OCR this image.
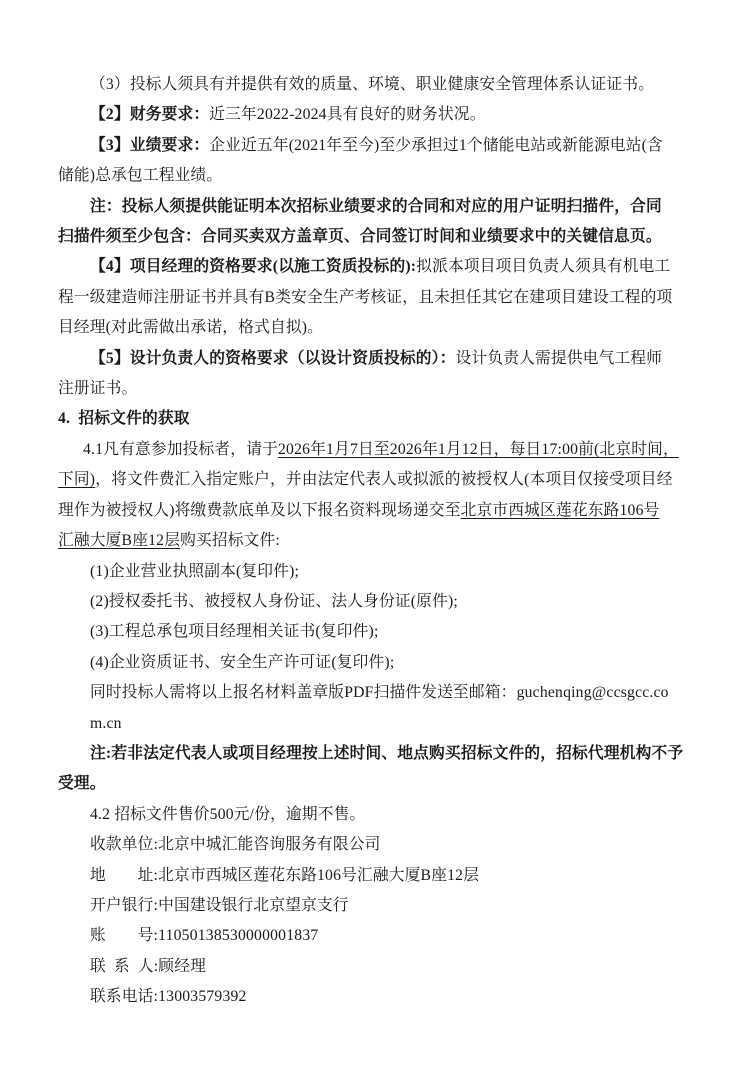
（3）投标人须具有并提供有效的质量、环境、职业健康安全管理体系认证证书。
【2】财务要求：近三年2022-2024具有良好的财务状况。
【3】业绩要求：企业近五年(2021年至今)至少承担过1个储能电站或新能源电站(含
储能)总承包工程业绩。
注：投标人须提供能证明本次招标业绩要求的合同和对应的用户证明扫描件，合同
扫描件须至少包含：合同买卖双方盖章页、合同签订时间和业绩要求中的关键信息页。
【4】项目经理的资格要求(以施工资质投标的):拟派本项目项目负责人须具有机电工
程一级建造师注册证书并具有B类安全生产考核证，且未担任其它在建项目建设工程的项
目经理(对此需做出承诺，格式自拟)。
【5】设计负责人的资格要求（以设计资质投标的）：设计负责人需提供电气工程师
注册证书。
4.  招标文件的获取
4.1凡有意参加投标者，请于2026年1月7日至2026年1月12日，每日17:00前(北京时间，
下同)，将文件费汇入指定账户，并由法定代表人或拟派的被授权人(本项目仅接受项目经
理作为被授权人)将缴费款底单及以下报名资料现场递交至北京市西城区莲花东路106号
汇融大厦B座12层购买招标文件:
(1)企业营业执照副本(复印件);
(2)授权委托书、被授权人身份证、法人身份证(原件);
(3)工程总承包项目经理相关证书(复印件);
(4)企业资质证书、安全生产许可证(复印件);
同时投标人需将以上报名材料盖章版PDF扫描件发送至邮箱：guchenqing@ccsgcc.co
m.cn
注:若非法定代表人或项目经理按上述时间、地点购买招标文件的，招标代理机构不予
受理。
4.2 招标文件售价500元/份，逾期不售。
收款单位:北京中城汇能咨询服务有限公司
地　　址:北京市西城区莲花东路106号汇融大厦B座12层
开户银行:中国建设银行北京望京支行
账　　号:11050138530000001837
联 系 人:顾经理
联系电话:13003579392
